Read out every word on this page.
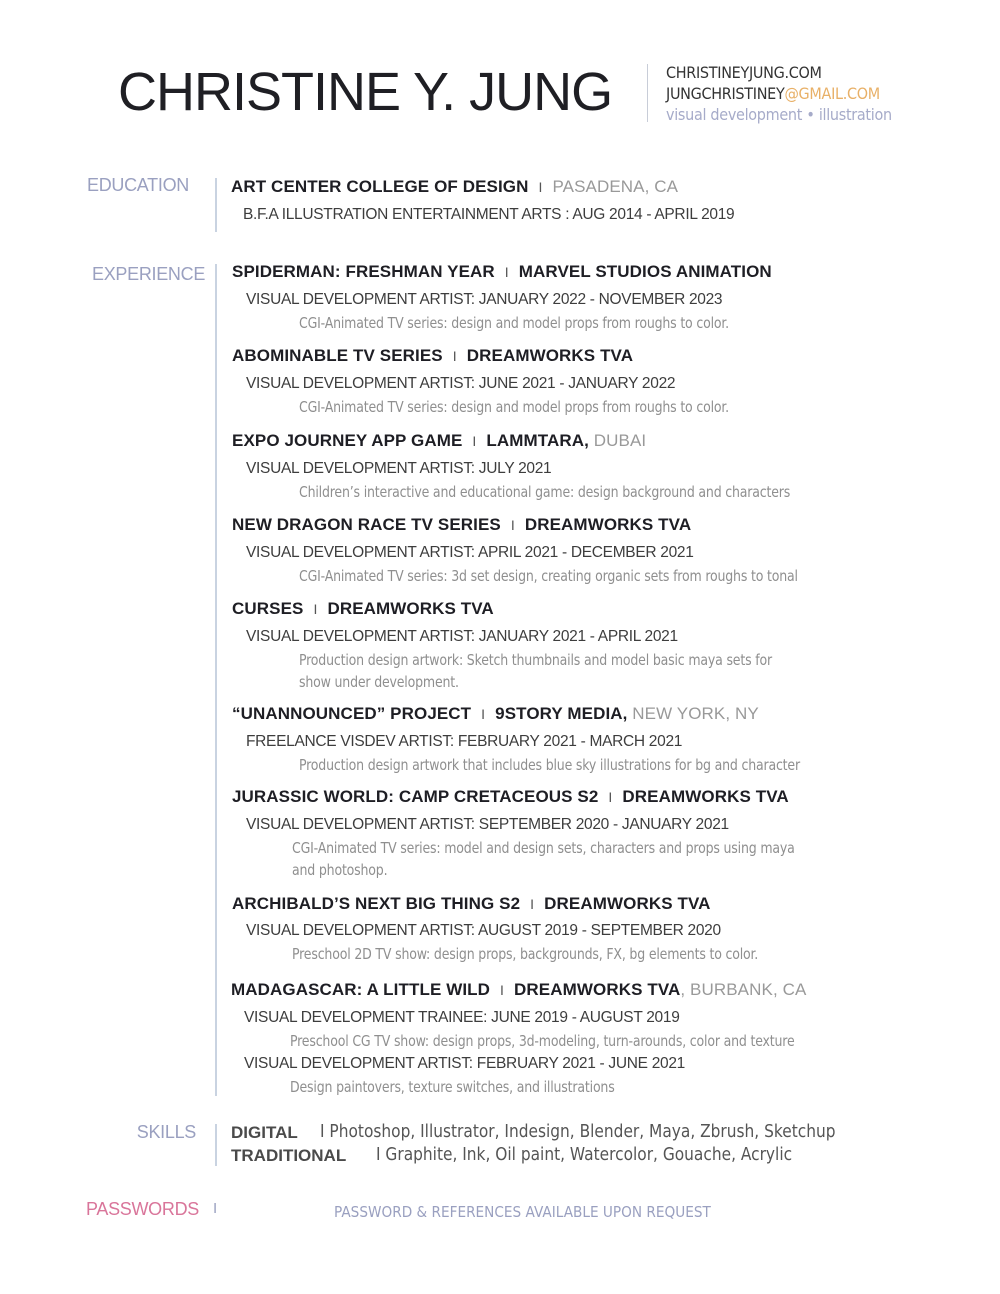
CHRISTINE Y. JUNG	CHRISTINEYJUNG.COM
JUNGCHRISTINEY@GMAIL.COM
visual development • illustration
EDUCATION	ART CENTER COLLEGE OF DESIGN I PASADENA, CA
B.F.A ILLUSTRATION ENTERTAINMENT ARTS : AUG 2014 - APRIL 2019
EXPERIENCE SPIDERMAN: FRESHMAN YEAR I MARVEL STUDIOS ANIMATION
VISUAL DEVELOPMENT ARTIST: JANUARY 2022 - NOVEMBER 2023
CGI-Animated TV series: design and model props from roughs to color.
ABOMINABLE TV SERIES I DREAMWORKS TVA
VISUAL DEVELOPMENT ARTIST: JUNE 2021 - JANUARY 2022
CGI-Animated TV series: design and model props from roughs to color.
EXPO JOURNEY APP GAME I LAMMTARA, DUBAI
VISUAL DEVELOPMENT ARTIST: JULY 2021
Children’s interactive and educational game: design background and characters
NEW DRAGON RACE TV SERIES I DREAMWORKS TVA
VISUAL DEVELOPMENT ARTIST: APRIL 2021 - DECEMBER 2021
CGI-Animated TV series: 3d set design, creating organic sets from roughs to tonal
CURSES I DREAMWORKS TVA
VISUAL DEVELOPMENT ARTIST: JANUARY 2021 - APRIL 2021
Production design artwork: Sketch thumbnails and model basic maya sets for
show under development.
“UNANNOUNCED” PROJECT I 9STORY MEDIA, NEW YORK, NY
FREELANCE VISDEV ARTIST: FEBRUARY 2021 - MARCH 2021
Production design artwork that includes blue sky illustrations for bg and character
JURASSIC WORLD: CAMP CRETACEOUS S2 I DREAMWORKS TVA
VISUAL DEVELOPMENT ARTIST: SEPTEMBER 2020 - JANUARY 2021
CGI-Animated TV series: model and design sets, characters and props using maya
and photoshop.
ARCHIBALD’S NEXT BIG THING S2 I DREAMWORKS TVA
VISUAL DEVELOPMENT ARTIST: AUGUST 2019 - SEPTEMBER 2020
Preschool 2D TV show: design props, backgrounds, FX, bg elements to color.
MADAGASCAR: A LITTLE WILD I DREAMWORKS TVA, BURBANK, CA
VISUAL DEVELOPMENT TRAINEE: JUNE 2019 - AUGUST 2019
Preschool CG TV show: design props, 3d-modeling, turn-arounds, color and texture
VISUAL DEVELOPMENT ARTIST: FEBRUARY 2021 - JUNE 2021
Design paintovers, texture switches, and illustrations
SKILLS DIGITAL I Photoshop, Illustrator, Indesign, Blender, Maya, Zbrush, Sketchup
TRADITIONAL I Graphite, Ink, Oil paint, Watercolor, Gouache, Acrylic
PASSWORDS I	PASSWORD & REFERENCES AVAILABLE UPON REQUEST
